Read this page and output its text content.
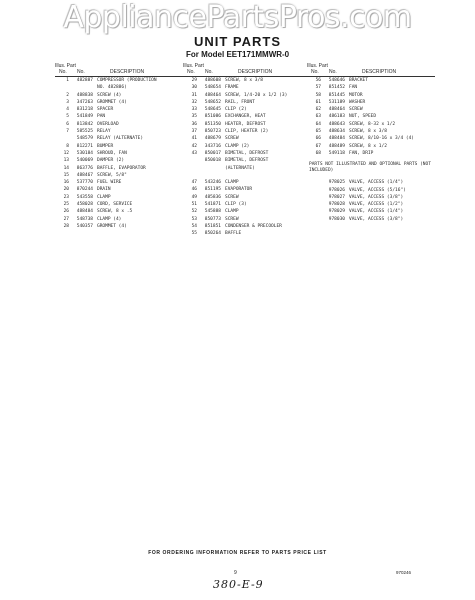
AppliancePartsPros.com
UNIT PARTS
For Model EET171MMWR-0
Illus. Part
No. No.	DESCRIPTION
1	482887 COMPRESSOR (PRODUCTION
NO. 482886)
2	488838 SCREW (4)
3	347263 GROMMET (4)
4	831218 SPACER
5	541849 PAN
6	813842 OVERLOAD
7	585525 RELAY
548579 RELAY (ALTERNATE)
8	812271 BUMPER
12	530184 SHROUD, FAN
13	540069 DAMPER (2)
14	863776 BAFFLE, EVAPORATOR
15	488467 SCREW, 5/8"
16	537770 FUEL WIRE
20	870244 DRAIN
23	543558 CLAMP
25	458028 CORD, SERVICE
26	488484 SCREW, 8 x .5
27	548738 CLAMP (4)
28	540357 GROMMET (4)
Illus. Part
No. No.	DESCRIPTION
29	488608 SCREW, 8 x 3/8
30	548654 FRAME
31	488464 SCREW, 1/4-20 x 1/2 (3)
32	548652 RAIL, FRONT
33	548645 CLIP (2)
35	851086 EXCHANGER, HEAT
36	851350 HEATER, DEFROST
37	850723 CLIP, HEATER (2)
41	488679 SCREW
42	343716 CLAMP (2)
43	850017 BIMETAL, DEFROST
850018 BIMETAL, DEFROST
(ALTERNATE)
47	543246 CLAMP
46	851195 EVAPORATOR
49	485836 SCREW
51	541871 CLIP (3)
52	545888 CLAMP
53	850773 SCREW
54	851851 CONDENSER & PRECOOLER
55	850264 BAFFLE
Illus. Part
No. No.	DESCRIPTION
56	548646 BRACKET
57	851452 FAN
58	851445 MOTOR
61	531189 WASHER
62	488464 SCREW
63	486183 NUT, SPEED
64	488643 SCREW, 8-32 x 1/2
65	488634 SCREW, 8 x 3/8
66	488484 SCREW, 8/10-16 x 3/4 (4)
67	488489 SCREW, 8 x 1/2
68	549118 FAN, DRIP
PARTS NOT ILLUSTRATED AND OPTIONAL PARTS (NOT INCLUDED)
978025 VALVE, ACCESS (1/4")
978026 VALVE, ACCESS (5/16")
978027 VALVE, ACCESS (3/8")
978028 VALVE, ACCESS (1/2")
978029 VALVE, ACCESS (1/4")
978030 VALVE, ACCESS (3/8")
FOR ORDERING INFORMATION REFER TO PARTS PRICE LIST
9	970246
380-E-9
